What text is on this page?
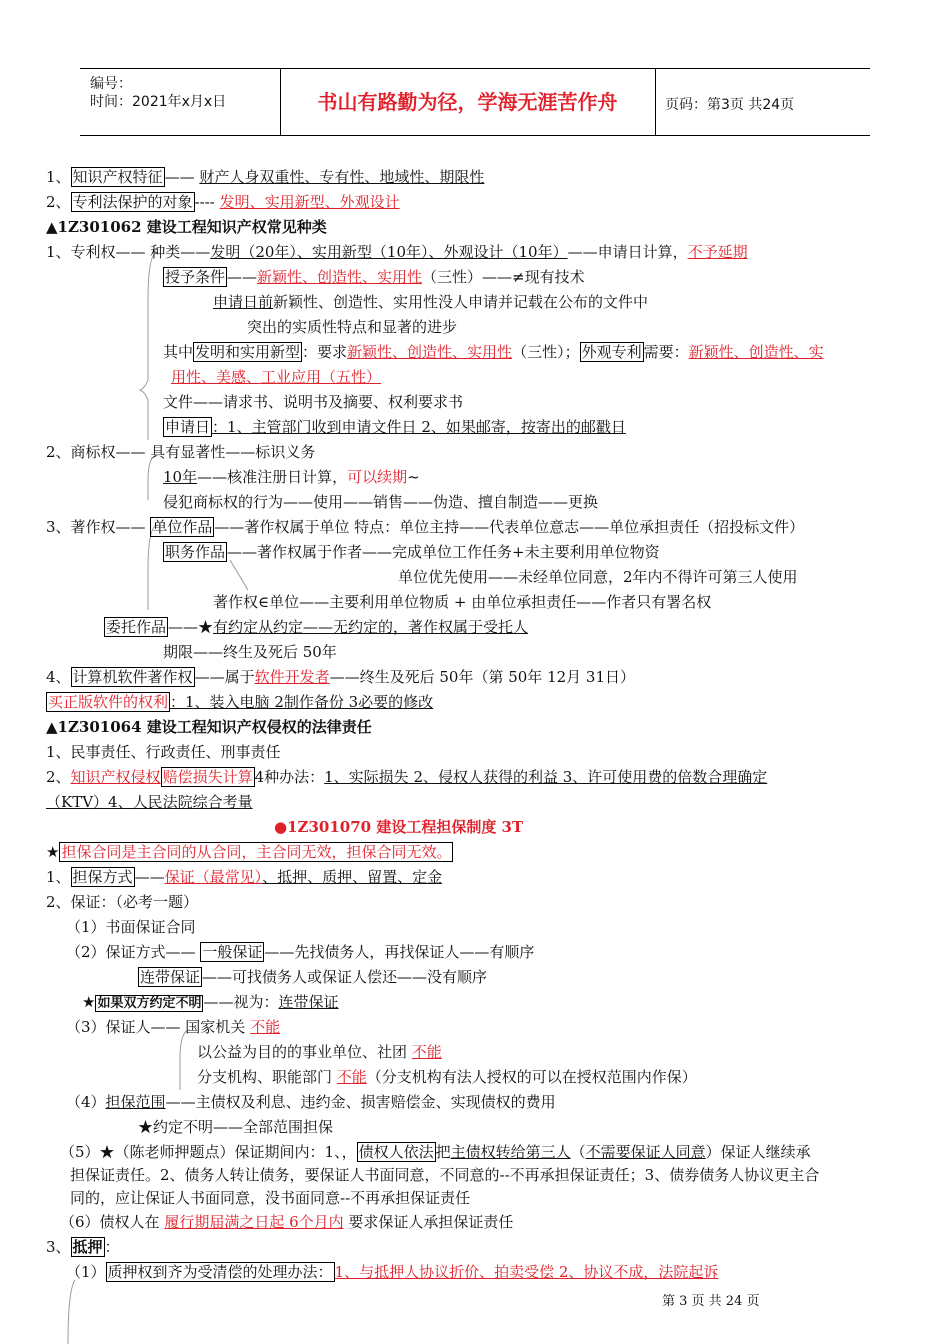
编号：
时间：2021年x月x日	书山有路勤为径，学海无涯苦作舟	页码：第3页 共24页
1、 知识产权特征 —— 财产人身双重性、专有性、地域性、期限性
2、 专利法保护的对象 ---- 发明、实用新型、外观设计
▲1Z301062 建设工程知识产权常见种类
1、专利权—— 种类——发明（20年）、实用新型（10年）、外观设计（10年）——申请日计算，不予延期
授予条件 ——新颖性、创造性、实用性（三性）——≠现有技术
申请日前新颖性、创造性、实用性没人申请并记载在公布的文件中
突出的实质性特点和显著的进步
其中 发明和实用新型 ：要求新颖性、创造性、实用性（三性）； 外观专利 需要：新颖性、创造性、实
用性、美感、工业应用（五性）
文件——请求书、说明书及摘要、权利要求书
申请日 ：1、主管部门收到申请文件日 2、如果邮寄，按寄出的邮戳日
2、商标权—— 具有显著性——标识义务
10年——核准注册日计算，可以续期~
侵犯商标权的行为——使用——销售——伪造、擅自制造——更换
3、著作权—— 单位作品 ——著作权属于单位 特点：单位主持——代表单位意志——单位承担责任（招投标文件）
职务作品 ——著作权属于作者——完成单位工作任务+未主要利用单位物资
单位优先使用——未经单位同意，2年内不得许可第三人使用
著作权∈单位——主要利用单位物质 + 由单位承担责任——作者只有署名权
委托作品 ——★有约定从约定——无约定的，著作权属于受托人
期限——终生及死后 50年
4、 计算机软件著作权 ——属于软件开发者——终生及死后 50年（第 50年 12月 31日）
买正版软件的权利 ：1、装入电脑 2制作备份 3必要的修改
▲1Z301064 建设工程知识产权侵权的法律责任
1、民事责任、行政责任、刑事责任
2、知识产权侵权 赔偿损失计算 4种办法：1、实际损失 2、侵权人获得的利益 3、许可使用费的倍数合理确定
（KTV）4、人民法院综合考量
●1Z301070 建设工程担保制度 3T
★ 担保合同是主合同的从合同，主合同无效，担保合同无效。
1、 担保方式 ——保证（最常见）、抵押、质押、留置、定金
2、保证：（必考一题）
（1）书面保证合同
（2）保证方式—— 一般保证 ——先找债务人，再找保证人——有顺序
连带保证 ——可找债务人或保证人偿还——没有顺序
★ 如果双方约定不明 ——视为：连带保证
（3）保证人—— 国家机关 不能
以公益为目的的事业单位、社团 不能
分支机构、职能部门 不能（分支机构有法人授权的可以在授权范围内作保）
（4）担保范围——主债权及利息、违约金、损害赔偿金、实现债权的费用
★约定不明——全部范围担保
（5）★（陈老师押题点）保证期间内：1、， 债权人依法 把主债权转给第三人（不需要保证人同意）保证人继续承
担保证责任。2、债务人转让债务，要保证人书面同意，不同意的--不再承担保证责任；3、债券债务人协议更主合
同的，应让保证人书面同意，没书面同意--不再承担保证责任
（6）债权人在 履行期届满之日起 6个月内 要求保证人承担保证责任
3、 抵押 ：
（1） 质押权到齐为受清偿的处理办法： 1、与抵押人协议折价、拍卖受偿 2、协议不成，法院起诉
第 3 页 共 24 页
